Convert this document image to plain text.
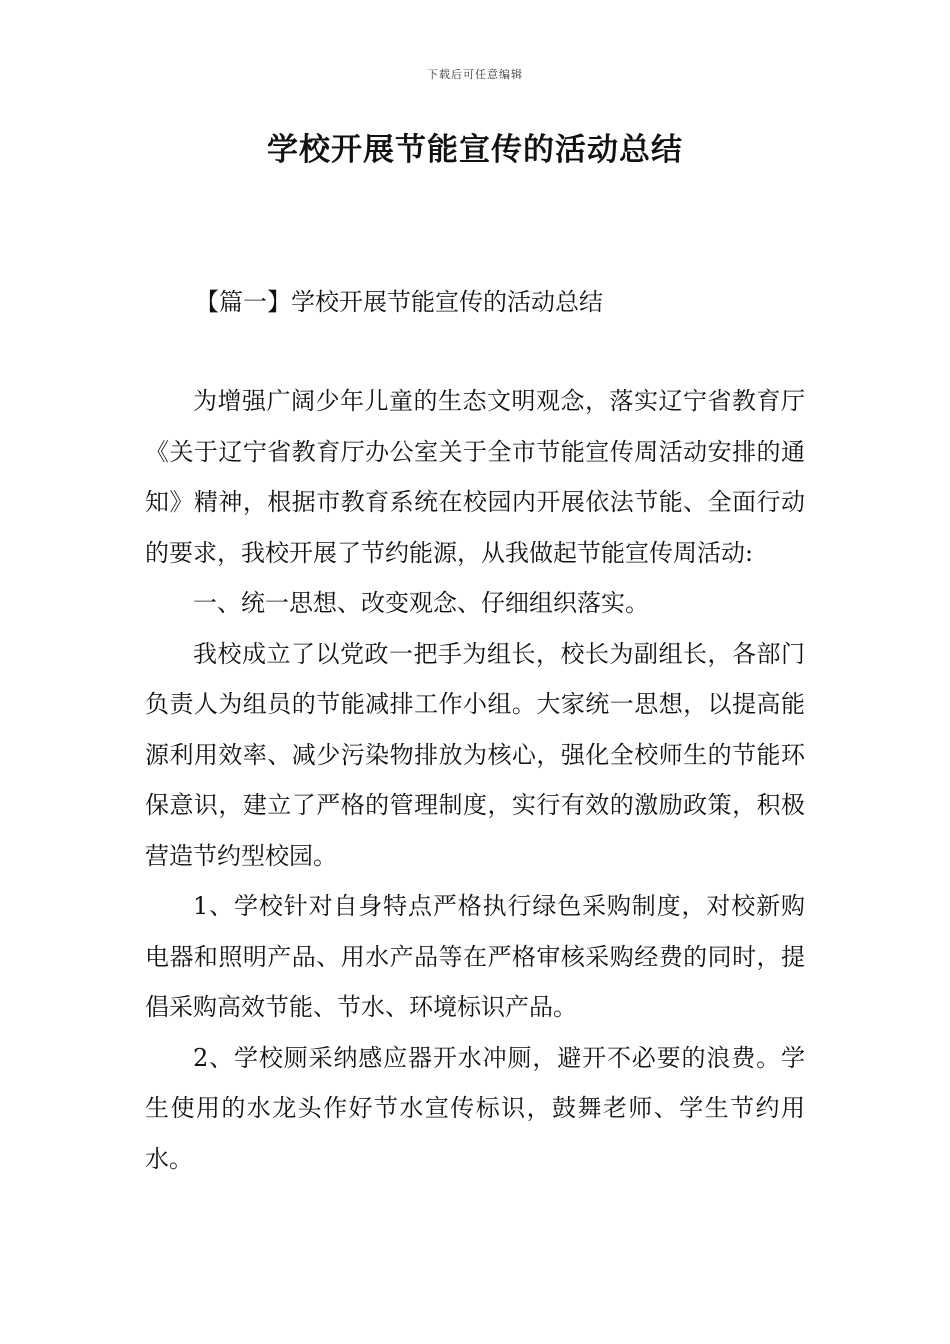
下载后可任意编辑
学校开展节能宣传的活动总结
【篇一】学校开展节能宣传的活动总结

为增强广阔少年儿童的生态文明观念，落实辽宁省教育厅《关于辽宁省教育厅办公室关于全市节能宣传周活动安排的通知》精神，根据市教育系统在校园内开展依法节能、全面行动的要求，我校开展了节约能源，从我做起节能宣传周活动:

一、统一思想、改变观念、仔细组织落实。

我校成立了以党政一把手为组长，校长为副组长，各部门负责人为组员的节能减排工作小组。大家统一思想，以提高能源利用效率、减少污染物排放为核心，强化全校师生的节能环保意识，建立了严格的管理制度，实行有效的激励政策，积极营造节约型校园。

1、学校针对自身特点严格执行绿色采购制度，对校新购电器和照明产品、用水产品等在严格审核采购经费的同时，提倡采购高效节能、节水、环境标识产品。

2、学校厕采纳感应器开水冲厕，避开不必要的浪费。学生使用的水龙头作好节水宣传标识，鼓舞老师、学生节约用水。
